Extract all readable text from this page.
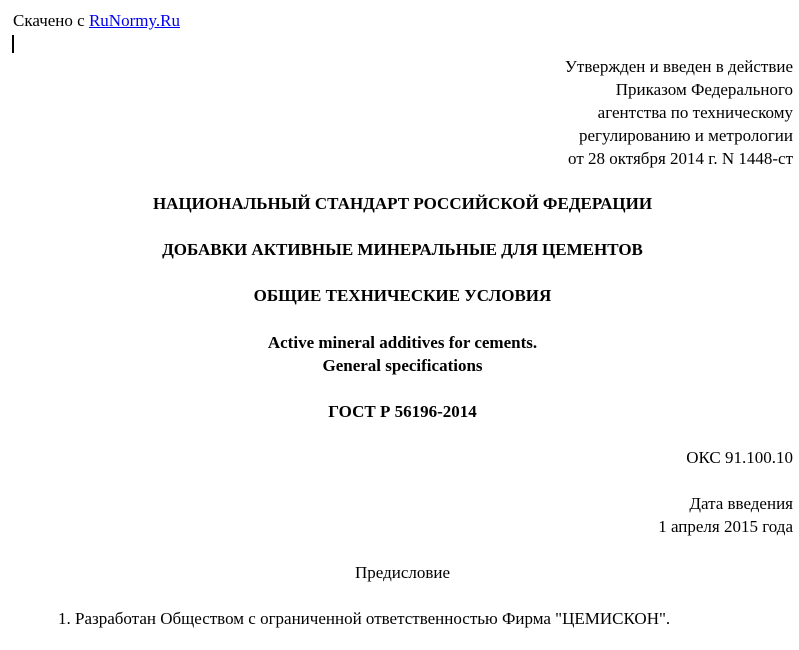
Скачено с RuNormy.Ru
Утвержден и введен в действие
Приказом Федерального
агентства по техническому
регулированию и метрологии
от 28 октября 2014 г. N 1448-ст
НАЦИОНАЛЬНЫЙ СТАНДАРТ РОССИЙСКОЙ ФЕДЕРАЦИИ
ДОБАВКИ АКТИВНЫЕ МИНЕРАЛЬНЫЕ ДЛЯ ЦЕМЕНТОВ
ОБЩИЕ ТЕХНИЧЕСКИЕ УСЛОВИЯ
Active mineral additives for cements.
General specifications
ГОСТ Р 56196-2014
ОКС 91.100.10
Дата введения
1 апреля 2015 года
Предисловие
1. Разработан Обществом с ограниченной ответственностью Фирма "ЦЕМИСКОН".
